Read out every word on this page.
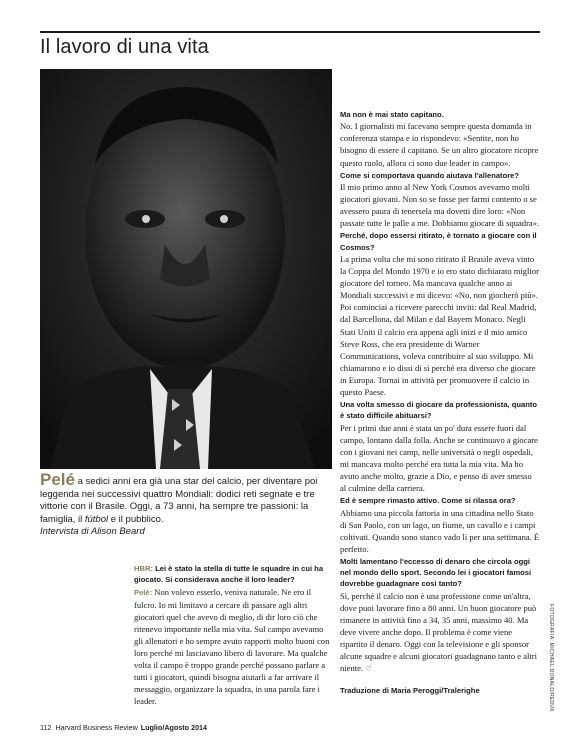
Il lavoro di una vita
Pelé a sedici anni era già una star del calcio, per diventare poi leggenda nei successivi quattro Mondiali: dodici reti segnate e tre vittorie con il Brasile. Oggi, a 73 anni, ha sempre tre passioni: la famiglia, il fútbol e il pubblico.
Intervista di Alison Beard
HBR: Lei è stato la stella di tutte le squadre in cui ha giocato. Si considerava anche il loro leader?

Pelé: Non volevo esserlo, veniva naturale. Ne ero il fulcro. Io mi limitavo a cercare di passare agli altri giocatori quel che avevo di meglio, di dir loro ciò che ritenevo importante nella mia vita. Sul campo avevamo gli allenatori e ho sempre avuto rapporti molto buoni con loro perché mi lasciavano libero di lavorare. Ma qualche volta il campo è troppo grande perché possano parlare a tutti i giocatori, quindi bisogna aiutarli a far arrivare il messaggio, organizzare la squadra, in una parola fare i leader.

Ma non è mai stato capitano.

No. I giornalisti mi facevano sempre questa domanda in conferenza stampa e io rispondevo: «Sentite, non ho bisogno di essere il capitano. Se un altro giocatore ricopre questo ruolo, allora ci sono due leader in campo».

Come si comportava quando aiutava l'allenatore?

Il mio primo anno al New York Cosmos avevamo molti giocatori giovani. Non so se fosse per farmi contento o se avessero paura di tenersela ma dovetti dire loro: «Non passate tutte le palle a me. Dobbiamo giocare di squadra».

Perché, dopo essersi ritirato, è tornato a giocare con il Cosmos?

La prima volta che mi sono ritirato il Brasile aveva vinto la Coppa del Mondo 1970 e io ero stato dichiarato miglior giocatore del torneo. Ma mancava qualche anno ai Mondiali successivi e mi dicevo: «No, non giocherò più». Poi cominciai a ricevere parecchi inviti: dal Real Madrid, dal Barcellona, dal Milan e dal Bayern Monaco. Negli Stati Uniti il calcio era appena agli inizi e il mio amico Steve Ross, che era presidente di Warner Communications, voleva contribuire al suo sviluppo. Mi chiamarono e io dissi di sì perché era diverso che giocare in Europa. Tornai in attività per promuovere il calcio in questo Paese.

Una volta smesso di giocare da professionista, quanto è stato difficile abituarsi?

Per i primi due anni è stata un po' dura essere fuori dal campo, lontano dalla folla. Anche se continuavo a giocare con i giovani nei camp, nelle università o negli ospedali, mi mancava molto perché era tutta la mia vita. Ma ho avuto anche molto, grazie a Dio, e penso di aver smesso al culmine della carriera.

Ed è sempre rimasto attivo. Come si rilassa ora?

Abbiamo una piccola fattoria in una cittadina nello Stato di San Paolo, con un lago, un fiume, un cavallo e i campi coltivati. Quando sono stanco vado lì per una settimana. È perfetto.

Molti lamentano l'eccesso di denaro che circola oggi nel mondo dello sport. Secondo lei i giocatori famosi dovrebbe guadagnare così tanto?

Sì, perché il calcio non è una professione come un'altra, dove puoi lavorare fino a 80 anni. Un buon giocatore può rimanere in attività fino a 34, 35 anni, massimo 40. Ma deve vivere anche dopo. Il problema è come viene ripartito il denaro. Oggi con la televisione e gli sponsor alcune squadre e alcuni giocatori guadagnano tanto e altri niente. ♡

Traduzione di Maria Peroggi/Tralerighe	FOTOGRAFIA: MICHAEL DONALD/REDUX
112 Harvard Business Review Luglio/Agosto 2014
